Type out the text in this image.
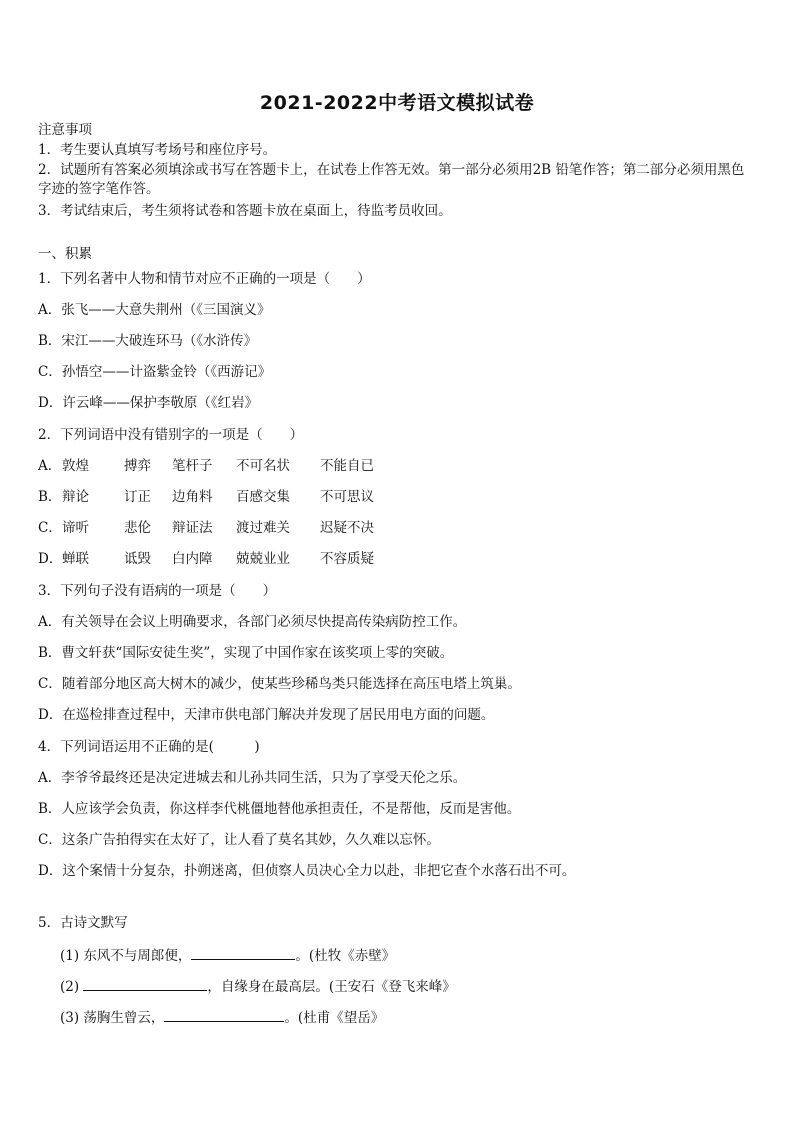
2021-2022中考语文模拟试卷
注意事项
1．考生要认真填写考场号和座位序号。
2．试题所有答案必须填涂或书写在答题卡上，在试卷上作答无效。第一部分必须用2B 铅笔作答；第二部分必须用黑色字迹的签字笔作答。
3．考试结束后，考生须将试卷和答题卡放在桌面上，待监考员收回。
一、积累
1．下列名著中人物和情节对应不正确的一项是（　　）
A．张飞——大意失荆州（《三国演义》
B．宋江——大破连环马（《水浒传》
C．孙悟空——计盗紫金铃（《西游记》
D．许云峰——保护李敬原（《红岩》
2．下列词语中没有错别字的一项是（　　）
A．敦煌	搏弈 笔杆子 不可名状 不能自已
B．辩论	订正 边角料 百感交集 不可思议
C．谛听	悲伦 辩证法 渡过难关 迟疑不决
D．蝉联	诋毁 白内障 兢兢业业 不容质疑
3．下列句子没有语病的一项是（　　）
A．有关领导在会议上明确要求，各部门必须尽快提高传染病防控工作。
B．曹文轩获“国际安徒生奖”，实现了中国作家在该奖项上零的突破。
C．随着部分地区高大树木的减少，使某些珍稀鸟类只能选择在高压电塔上筑巢。
D．在巡检排查过程中，天津市供电部门解决并发现了居民用电方面的问题。
4．下列词语运用不正确的是(　　　)
A．李爷爷最终还是决定进城去和儿孙共同生活，只为了享受天伦之乐。
B．人应该学会负责，你这样李代桃僵地替他承担责任，不是帮他，反而是害他。
C．这条广告拍得实在太好了，让人看了莫名其妙，久久难以忘怀。
D．这个案情十分复杂，扑朔迷离，但侦察人员决心全力以赴，非把它查个水落石出不可。
5．古诗文默写
(1) 东风不与周郎便，	。(杜牧《赤壁》
(2)	，自缘身在最高层。(王安石《登飞来峰》
(3) 荡胸生曾云，	。(杜甫《望岳》
